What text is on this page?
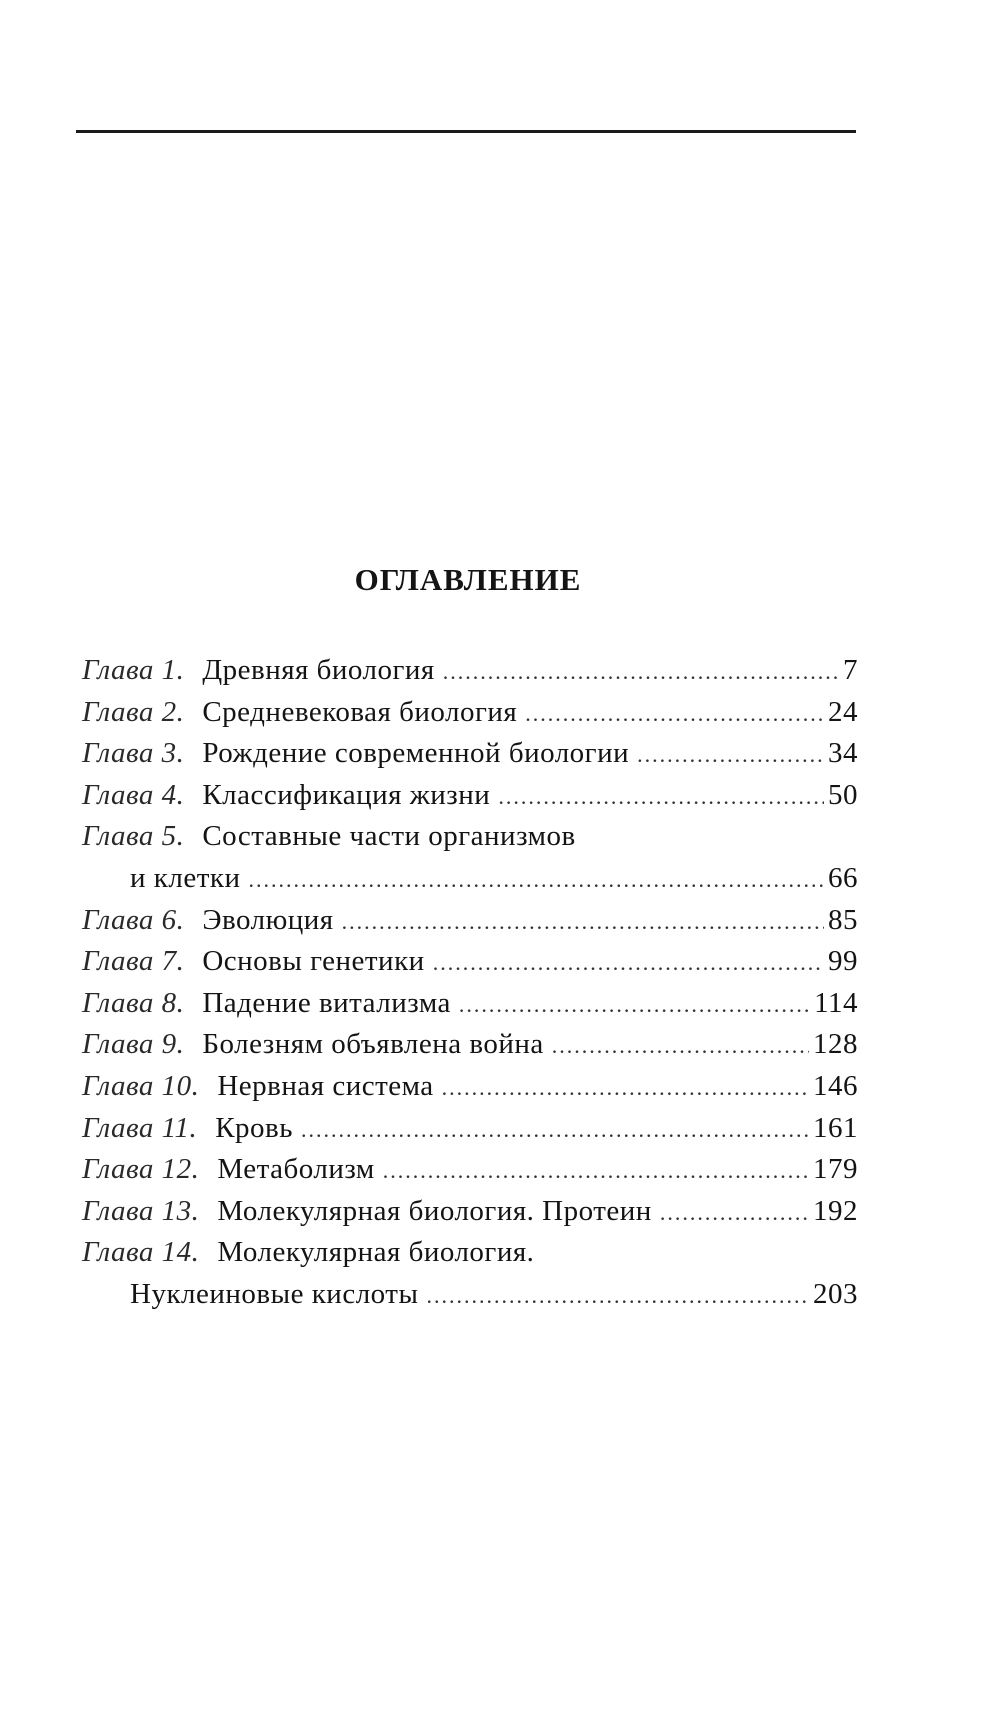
ОГЛАВЛЕНИЕ
Глава 1. Древняя биология .....	7
Глава 2. Средневековая биология .....	24
Глава 3. Рождение современной биологии .....	34
Глава 4. Классификация жизни .....	50
Глава 5. Составные части организмов
и клетки .....	66
Глава 6. Эволюция .....	85
Глава 7. Основы генетики .....	99
Глава 8. Падение витализма .....	114
Глава 9. Болезням объявлена война .....	128
Глава 10. Нервная система .....	146
Глава 11. Кровь .....	161
Глава 12. Метаболизм .....	179
Глава 13. Молекулярная биология. Протеин .....	192
Глава 14. Молекулярная биология.
Нуклеиновые кислоты .....	203
